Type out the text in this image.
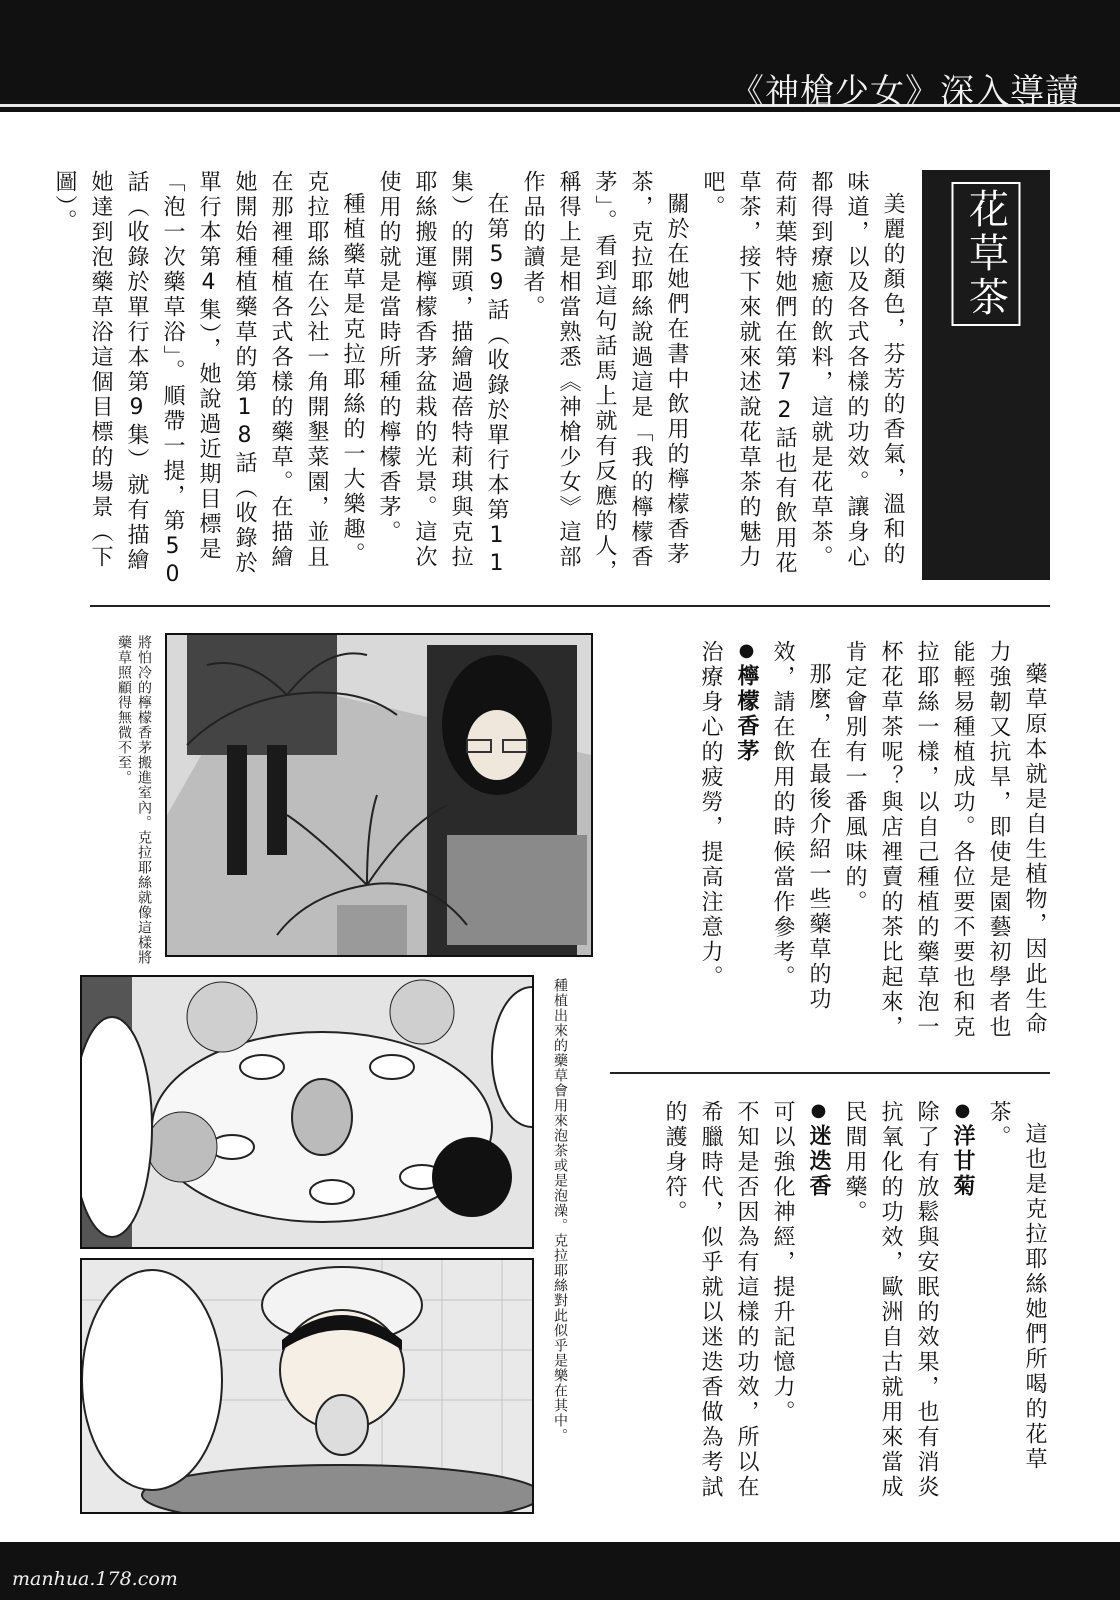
《神槍少女》深入導讀
花草茶

美麗的顏色，芬芳的香氣，溫和的味道，以及各式各樣的功效。讓身心都得到療癒的飲料，這就是花草茶。荷莉葉特她們在第72話也有飲用花草茶，接下來就來述說花草茶的魅力吧。

關於在她們在書中飲用的檸檬香茅茶，克拉耶絲說過這是「我的檸檬香茅」。看到這句話馬上就有反應的人，稱得上是相當熟悉《神槍少女》這部作品的讀者。

在第59話（收錄於單行本第11集）的開頭，描繪過蓓特莉琪與克拉耶絲搬運檸檬香茅盆栽的光景。這次使用的就是當時所種的檸檬香茅。

種植藥草是克拉耶絲的一大樂趣。克拉耶絲在公社一角開墾菜園，並且在那裡種植各式各樣的藥草。在描繪她開始種植藥草的第18話（收錄於單行本第4集），她說過近期目標是「泡一次藥草浴」。順帶一提，第50話（收錄於單行本第9集）就有描繪她達到泡藥草浴這個目標的場景（下圖）。

藥草原本就是自生植物，因此生命力強韌又抗旱，即使是園藝初學者也能輕易種植成功。各位要不要也和克拉耶絲一樣，以自己種植的藥草泡一杯花草茶呢？與店裡賣的茶比起來，肯定會別有一番風味的。

那麼，在最後介紹一些藥草的功效，請在飲用的時候當作參考。

●檸檬香茅

治療身心的疲勞，提高注意力。

這也是克拉耶絲她們所喝的花草茶。

●洋甘菊

除了有放鬆與安眠的效果，也有消炎抗氧化的功效，歐洲自古就用來當成民間用藥。

●迷迭香

可以強化神經，提升記憶力。

不知是否因為有這樣的功效，所以在希臘時代，似乎就以迷迭香做為考試的護身符。

將怕冷的檸檬香茅搬進室內。克拉耶絲就像這樣將藥草照顧得無微不至。
種植出來的藥草會用來泡茶或是泡澡。克拉耶絲對此似乎是樂在其中。
manhua.178.com
